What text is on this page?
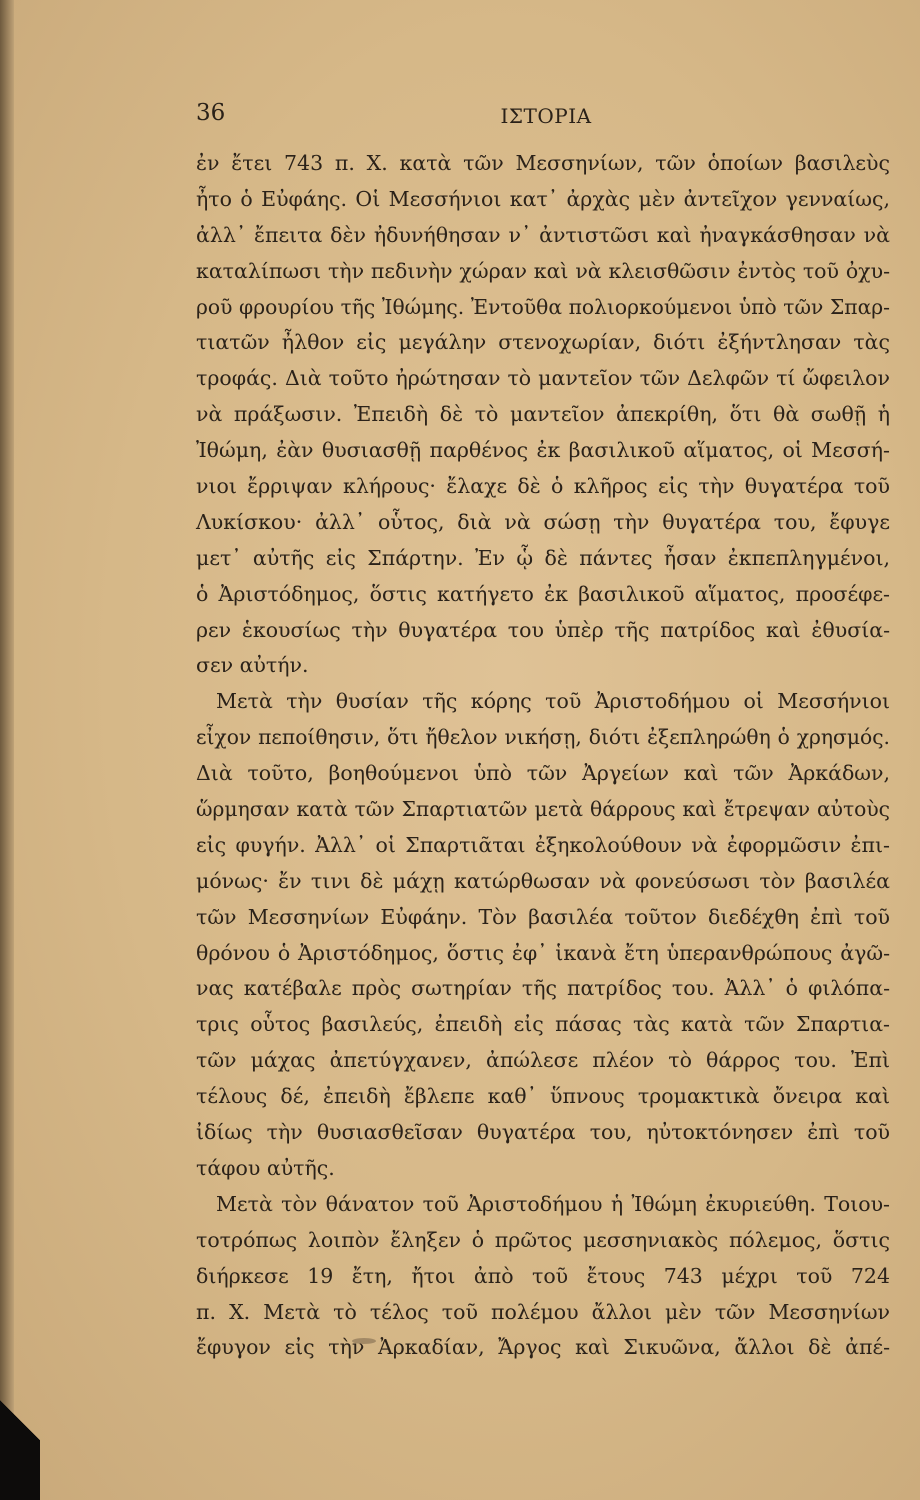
36	ΙΣΤΟΡΙΑ
ἐν ἔτει 743 π. Χ. κατὰ τῶν Μεσσηνίων, τῶν ὁποίων βασιλεὺς
ἦτο ὁ Εὐφάης. Οἱ Μεσσήνιοι κατ᾽ ἀρχὰς μὲν ἀντεῖχον γενναίως,
ἀλλ᾽ ἔπειτα δὲν ἠδυνήθησαν ν᾽ ἀντιστῶσι καὶ ἠναγκάσθησαν νὰ
καταλίπωσι τὴν πεδινὴν χώραν καὶ νὰ κλεισθῶσιν ἐντὸς τοῦ ὀχυ-
ροῦ φρουρίου τῆς Ἰθώμης. Ἐντοῦθα πολιορκούμενοι ὑπὸ τῶν Σπαρ-
τιατῶν ἦλθον εἰς μεγάλην στενοχωρίαν, διότι ἐξήντλησαν τὰς
τροφάς. Διὰ τοῦτο ἠρώτησαν τὸ μαντεῖον τῶν Δελφῶν τί ὤφειλον
νὰ πράξωσιν. Ἐπειδὴ δὲ τὸ μαντεῖον ἀπεκρίθη, ὅτι θὰ σωθῇ ἡ
Ἰθώμη, ἐὰν θυσιασθῇ παρθένος ἐκ βασιλικοῦ αἵματος, οἱ Μεσσή-
νιοι ἔρριψαν κλήρους· ἔλαχε δὲ ὁ κλῆρος εἰς τὴν θυγατέρα τοῦ
Λυκίσκου· ἀλλ᾽ οὗτος, διὰ νὰ σώσῃ τὴν θυγατέρα του, ἔφυγε
μετ᾽ αὐτῆς εἰς Σπάρτην. Ἐν ᾧ δὲ πάντες ἦσαν ἐκπεπληγμένοι,
ὁ Ἀριστόδημος, ὅστις κατήγετο ἐκ βασιλικοῦ αἵματος, προσέφε-
ρεν ἑκουσίως τὴν θυγατέρα του ὑπὲρ τῆς πατρίδος καὶ ἐθυσία-
σεν αὐτήν.
Μετὰ τὴν θυσίαν τῆς κόρης τοῦ Ἀριστοδήμου οἱ Μεσσήνιοι
εἶχον πεποίθησιν, ὅτι ἤθελον νικήσῃ, διότι ἐξεπληρώθη ὁ χρησμός.
Διὰ τοῦτο, βοηθούμενοι ὑπὸ τῶν Ἀργείων καὶ τῶν Ἀρκάδων,
ὥρμησαν κατὰ τῶν Σπαρτιατῶν μετὰ θάρρους καὶ ἔτρεψαν αὐτοὺς
εἰς φυγήν. Ἀλλ᾽ οἱ Σπαρτιᾶται ἐξηκολούθουν νὰ ἐφορμῶσιν ἐπι-
μόνως· ἔν τινι δὲ μάχῃ κατώρθωσαν νὰ φονεύσωσι τὸν βασιλέα
τῶν Μεσσηνίων Εὐφάην. Τὸν βασιλέα τοῦτον διεδέχθη ἐπὶ τοῦ
θρόνου ὁ Ἀριστόδημος, ὅστις ἐφ᾽ ἱκανὰ ἔτη ὑπερανθρώπους ἀγῶ-
νας κατέβαλε πρὸς σωτηρίαν τῆς πατρίδος του. Ἀλλ᾽ ὁ φιλόπα-
τρις οὗτος βασιλεύς, ἐπειδὴ εἰς πάσας τὰς κατὰ τῶν Σπαρτια-
τῶν μάχας ἀπετύγχανεν, ἀπώλεσε πλέον τὸ θάρρος του. Ἐπὶ
τέλους δέ, ἐπειδὴ ἔβλεπε καθ᾽ ὕπνους τρομακτικὰ ὄνειρα καὶ
ἰδίως τὴν θυσιασθεῖσαν θυγατέρα του, ηὐτοκτόνησεν ἐπὶ τοῦ
τάφου αὐτῆς.
Μετὰ τὸν θάνατον τοῦ Ἀριστοδήμου ἡ Ἰθώμη ἐκυριεύθη. Τοιου-
τοτρόπως λοιπὸν ἔληξεν ὁ πρῶτος μεσσηνιακὸς πόλεμος, ὅστις
διήρκεσε 19 ἔτη, ἤτοι ἀπὸ τοῦ ἔτους 743 μέχρι τοῦ 724
π. Χ. Μετὰ τὸ τέλος τοῦ πολέμου ἄλλοι μὲν τῶν Μεσσηνίων
ἔφυγον εἰς τὴν Ἀρκαδίαν, Ἄργος καὶ Σικυῶνα, ἄλλοι δὲ ἀπέ-
